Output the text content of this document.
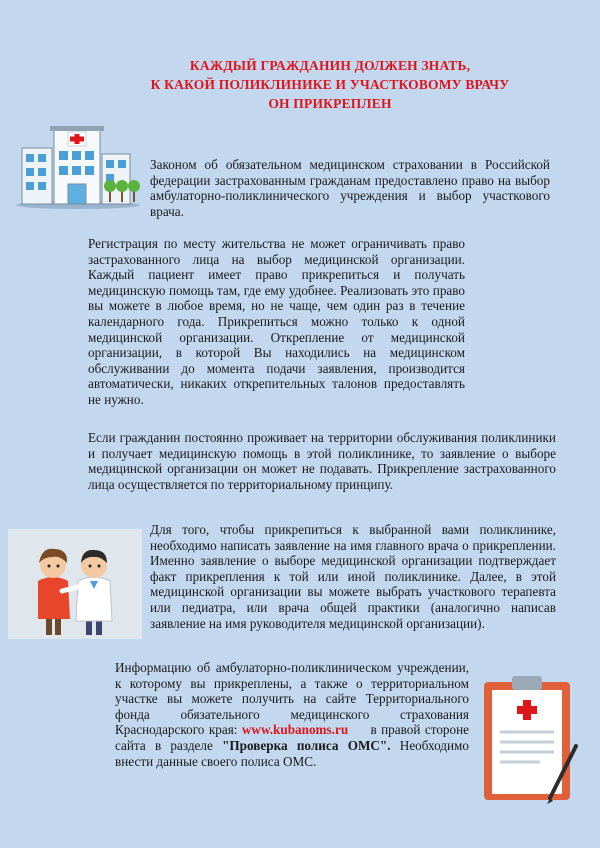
КАЖДЫЙ ГРАЖДАНИН ДОЛЖЕН ЗНАТЬ,
К КАКОЙ ПОЛИКЛИНИКЕ И УЧАСТКОВОМУ ВРАЧУ
ОН ПРИКРЕПЛЕН

Законом об обязательном медицинском страховании в Российской федерации застрахованным гражданам предоставлено право на выбор амбулаторно-поликлинического учреждения и выбор участкового врача.

Регистрация по месту жительства не может ограничивать право застрахованного лица на выбор медицинской организации. Каждый пациент имеет право прикрепиться и получать медицинскую помощь там, где ему удобнее. Реализовать это право вы можете в любое время, но не чаще, чем один раз в течение календарного года. Прикрепиться можно только к одной медицинской организации. Открепление от медицинской организации, в которой Вы находились на медицинском обслуживании до момента подачи заявления, производится автоматически, никаких открепительных талонов предоставлять не нужно.

Если гражданин постоянно проживает на территории обслуживания поликлиники и получает медицинскую помощь в этой поликлинике, то заявление о выборе медицинской организации он может не подавать. Прикрепление застрахованного лица осуществляется по территориальному принципу.

Для того, чтобы прикрепиться к выбранной вами поликлинике, необходимо написать заявление на имя главного врача о прикреплении. Именно заявление о выборе медицинской организации подтверждает факт прикрепления к той или иной поликлинике. Далее, в этой медицинской организации вы можете выбрать участкового терапевта или педиатра, или врача общей практики (аналогично написав заявление на имя руководителя медицинской организации).

Информацию об амбулаторно-поликлиническом учреждении, к которому вы прикреплены, а также о территориальном участке вы можете получить на сайте Территориального фонда обязательного медицинского страхования Краснодарского края: www.kubanoms.ru     в правой стороне сайта в разделе "Проверка полиса ОМС". Необходимо внести данные своего полиса ОМС.
